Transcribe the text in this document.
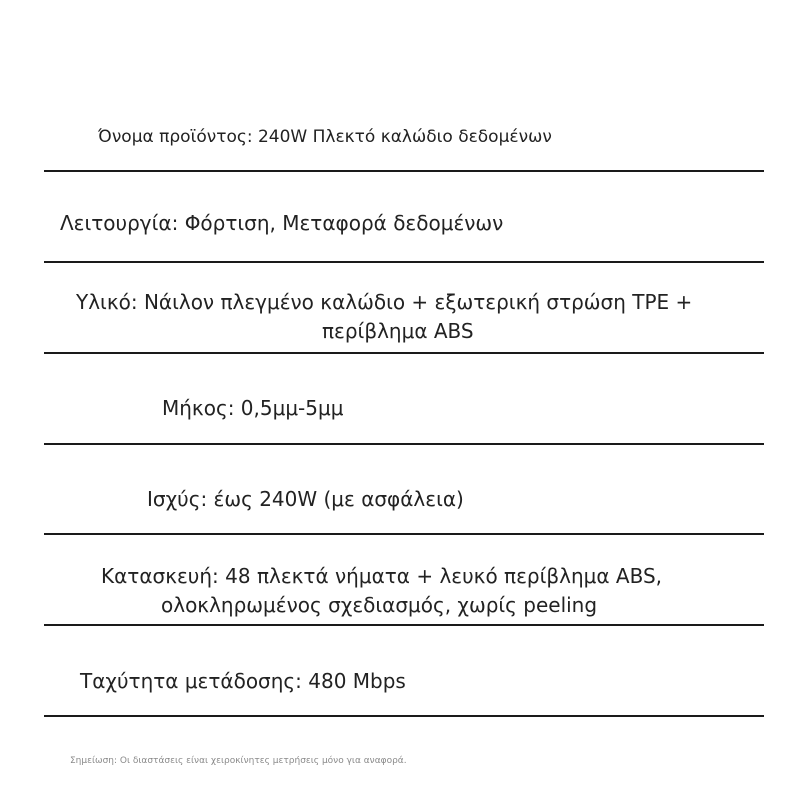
Όνομα προϊόντος: 240W Πλεκτό καλώδιο δεδομένων
Λειτουργία: Φόρτιση, Μεταφορά δεδομένων
Υλικό: Νάιλον πλεγμένο καλώδιο + εξωτερική στρώση TPE +
περίβλημα ABS
Μήκος: 0,5μμ-5μμ
Ισχύς: έως 240W (με ασφάλεια)
Κατασκευή: 48 πλεκτά νήματα + λευκό περίβλημα ABS,
ολοκληρωμένος σχεδιασμός, χωρίς peeling
Ταχύτητα μετάδοσης: 480 Mbps
Σημείωση: Οι διαστάσεις είναι χειροκίνητες μετρήσεις μόνο για αναφορά.
